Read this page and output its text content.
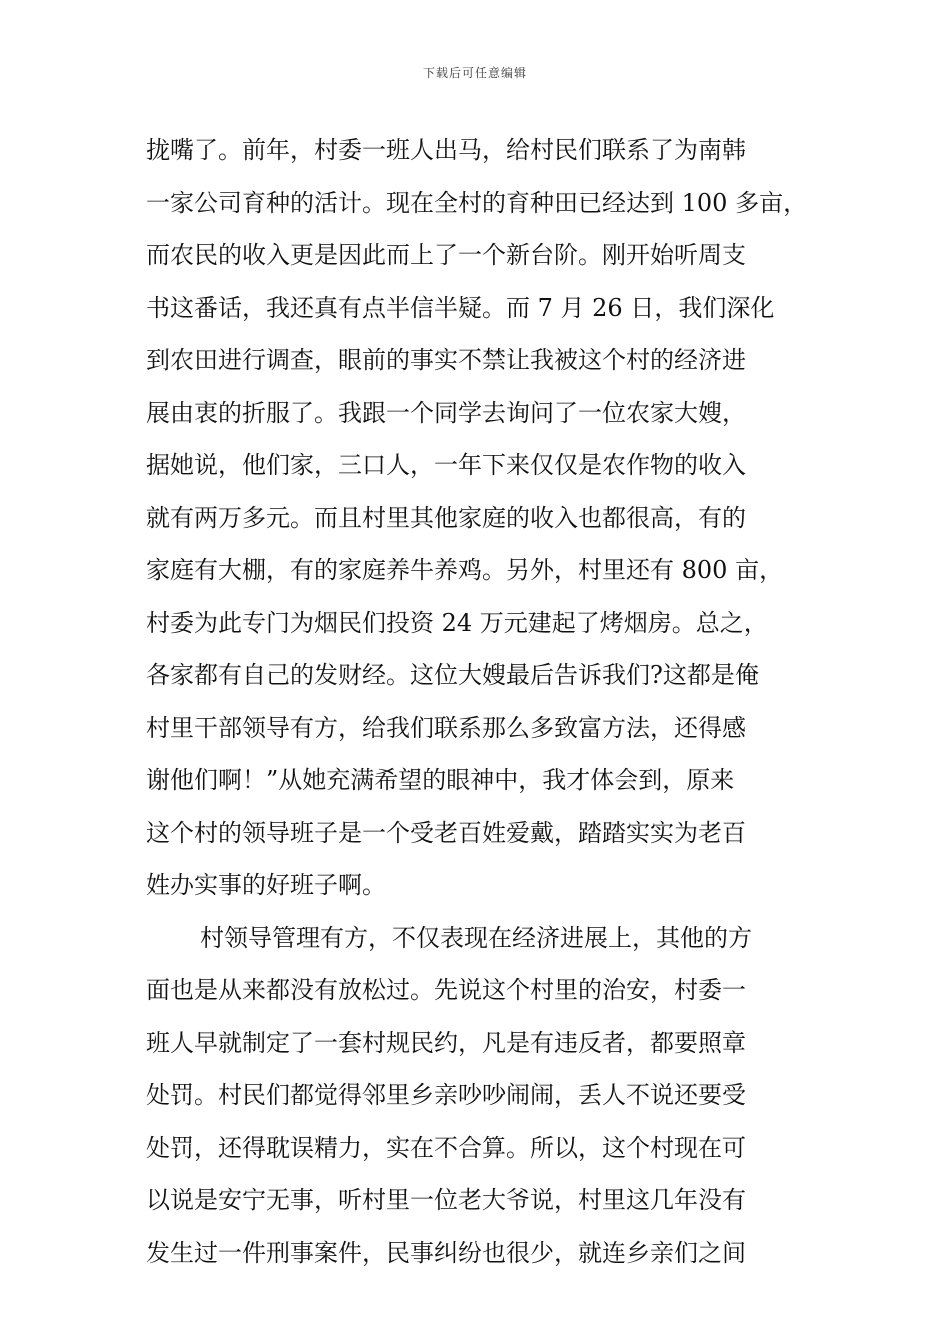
下载后可任意编辑
拢嘴了。前年，村委一班人出马，给村民们联系了为南韩
一家公司育种的活计。现在全村的育种田已经达到 100 多亩，
而农民的收入更是因此而上了一个新台阶。刚开始听周支
书这番话，我还真有点半信半疑。而 7 月 26 日，我们深化
到农田进行调查，眼前的事实不禁让我被这个村的经济进
展由衷的折服了。我跟一个同学去询问了一位农家大嫂，
据她说，他们家，三口人，一年下来仅仅是农作物的收入
就有两万多元。而且村里其他家庭的收入也都很高，有的
家庭有大棚，有的家庭养牛养鸡。另外，村里还有 800 亩，
村委为此专门为烟民们投资 24 万元建起了烤烟房。总之，
各家都有自己的发财经。这位大嫂最后告诉我们?这都是俺
村里干部领导有方，给我们联系那么多致富方法，还得感
谢他们啊！”从她充满希望的眼神中，我才体会到，原来
这个村的领导班子是一个受老百姓爱戴，踏踏实实为老百
姓办实事的好班子啊。
村领导管理有方，不仅表现在经济进展上，其他的方
面也是从来都没有放松过。先说这个村里的治安，村委一
班人早就制定了一套村规民约，凡是有违反者，都要照章
处罚。村民们都觉得邻里乡亲吵吵闹闹，丢人不说还要受
处罚，还得耽误精力，实在不合算。所以，这个村现在可
以说是安宁无事，听村里一位老大爷说，村里这几年没有
发生过一件刑事案件，民事纠纷也很少，就连乡亲们之间
